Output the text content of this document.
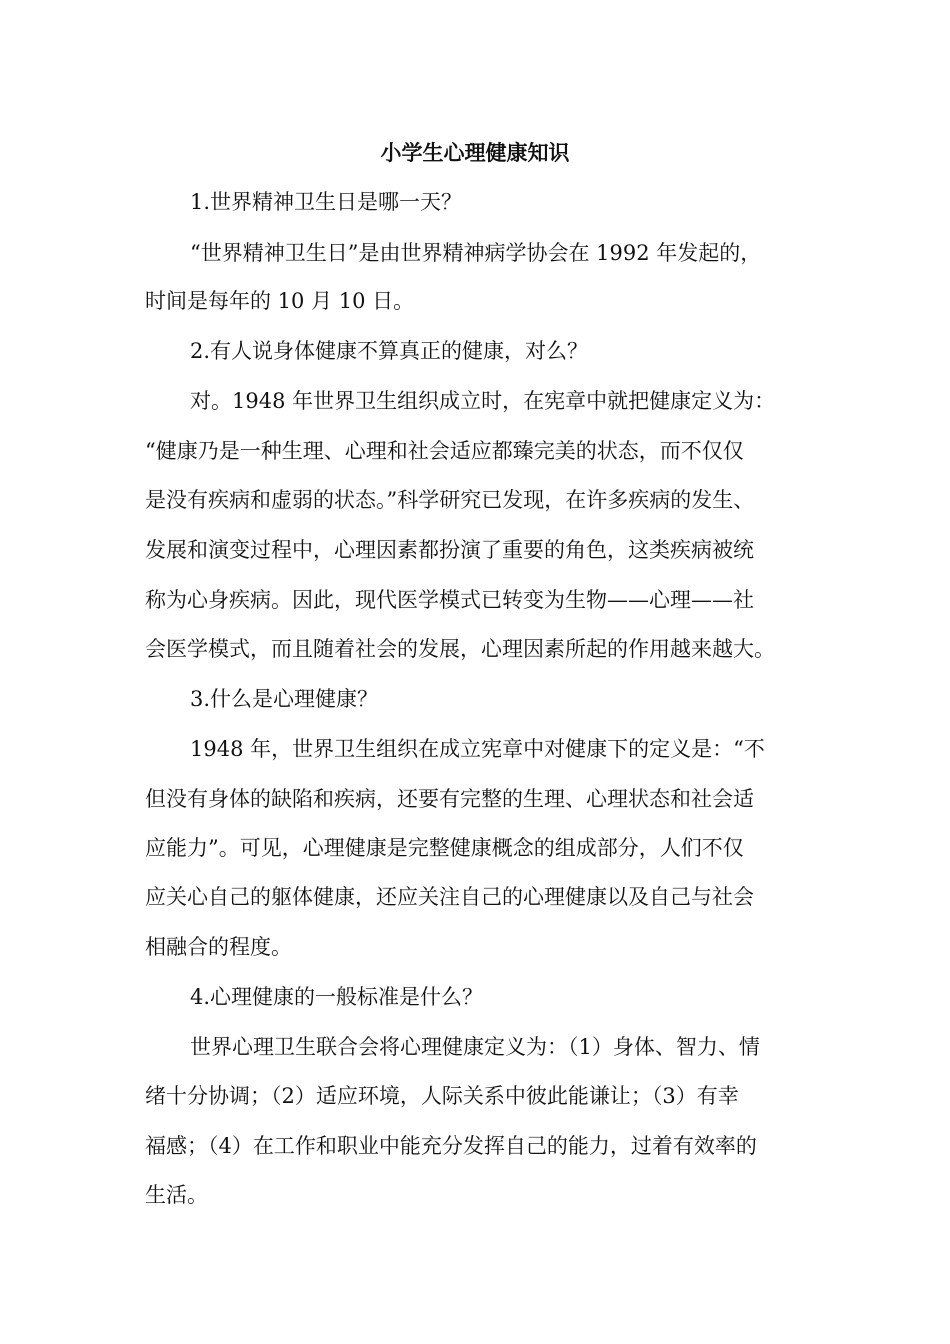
小学生心理健康知识
1.世界精神卫生日是哪一天？
“世界精神卫生日”是由世界精神病学协会在 1992 年发起的，
时间是每年的 10 月 10 日。
2.有人说身体健康不算真正的健康，对么？
对。1948 年世界卫生组织成立时，在宪章中就把健康定义为：
“健康乃是一种生理、心理和社会适应都臻完美的状态，而不仅仅
是没有疾病和虚弱的状态。”科学研究已发现，在许多疾病的发生、
发展和演变过程中，心理因素都扮演了重要的角色，这类疾病被统
称为心身疾病。因此，现代医学模式已转变为生物——心理——社
会医学模式，而且随着社会的发展，心理因素所起的作用越来越大。
3.什么是心理健康？
1948 年，世界卫生组织在成立宪章中对健康下的定义是：“不
但没有身体的缺陷和疾病，还要有完整的生理、心理状态和社会适
应能力”。可见，心理健康是完整健康概念的组成部分，人们不仅
应关心自己的躯体健康，还应关注自己的心理健康以及自己与社会
相融合的程度。
4.心理健康的一般标准是什么？
世界心理卫生联合会将心理健康定义为：（1）身体、智力、情
绪十分协调；（2）适应环境，人际关系中彼此能谦让；（3）有幸
福感；（4）在工作和职业中能充分发挥自己的能力，过着有效率的
生活。
